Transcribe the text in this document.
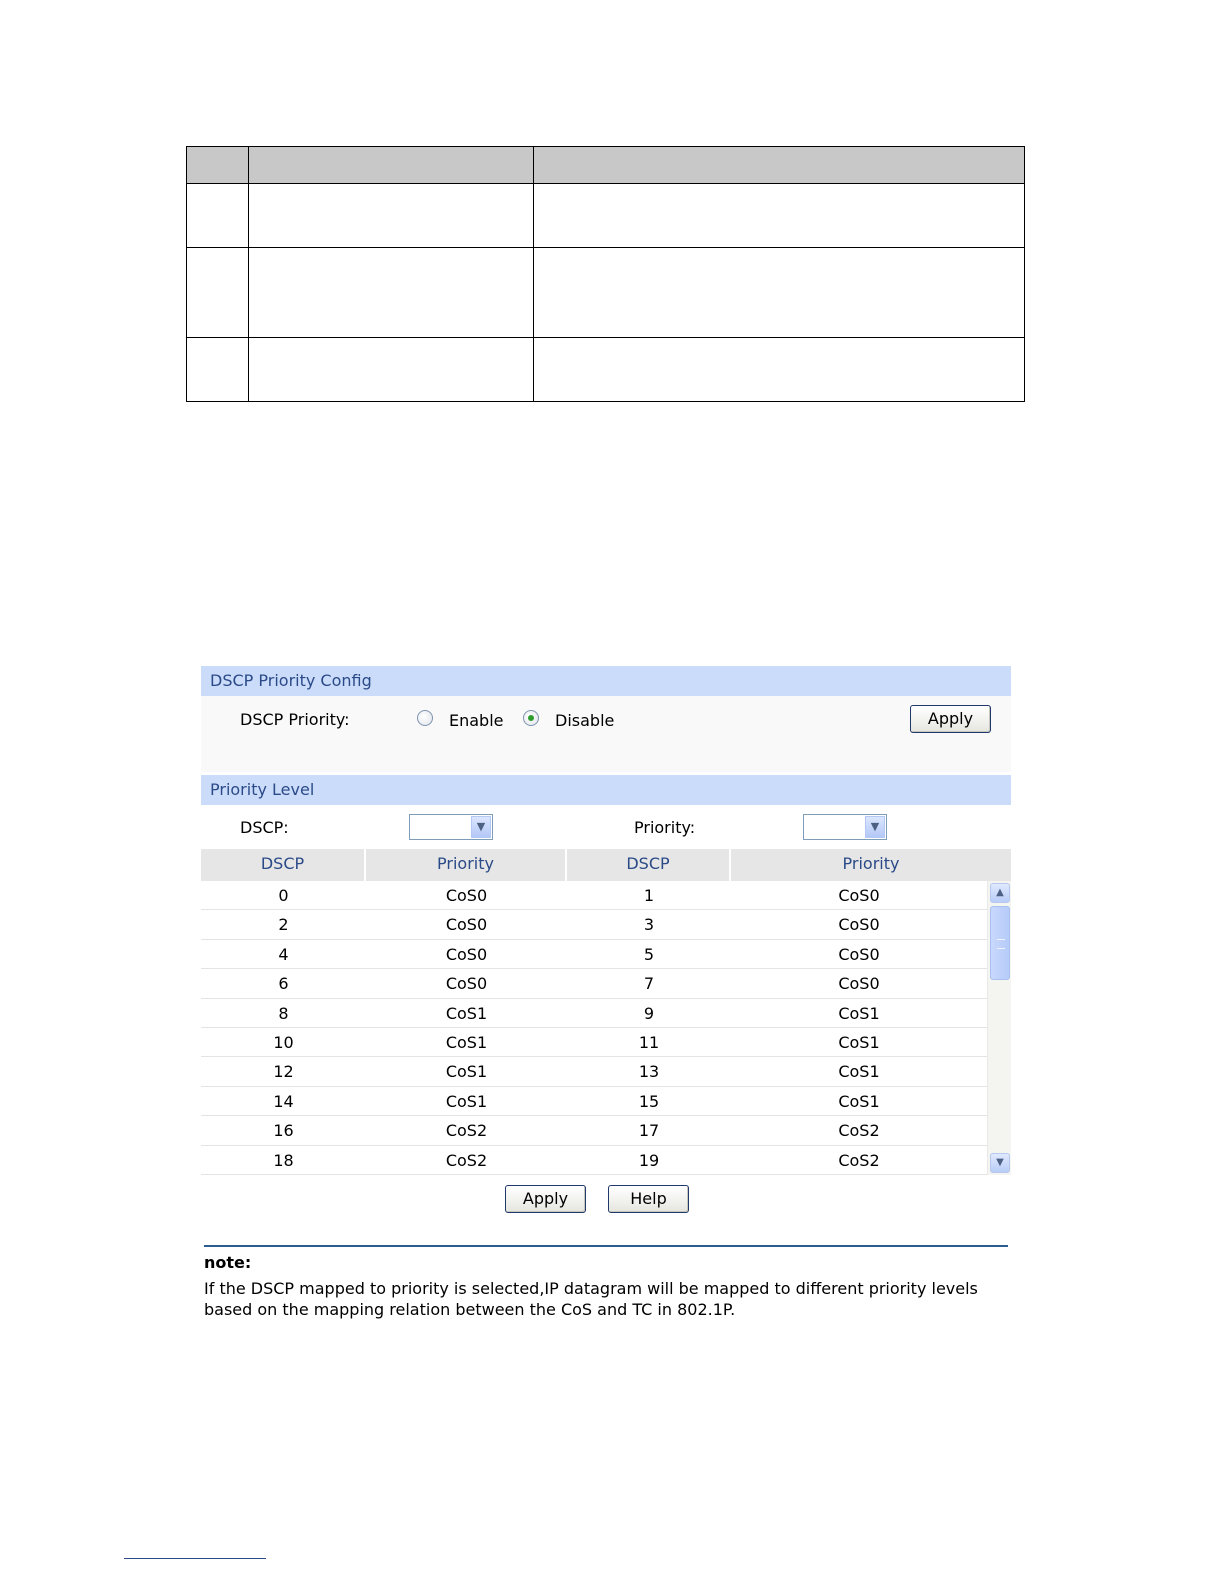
DSCP Priority Config
DSCP Priority:	Enable	Disable	Apply
Priority Level
DSCP:	▼	Priority:	▼
DSCP	Priority	DSCP	Priority
0	CoS0	1	CoS0
2	CoS0	3	CoS0
4	CoS0	5	CoS0
6	CoS0	7	CoS0
8	CoS1	9	CoS1
10	CoS1	11	CoS1
12	CoS1	13	CoS1
14	CoS1	15	CoS1
16	CoS2	17	CoS2
18	CoS2	19	CoS2
▲
▼
Apply	Help
note:
If the DSCP mapped to priority is selected,IP datagram will be mapped to different priority levels based on the mapping relation between the CoS and TC in 802.1P.
